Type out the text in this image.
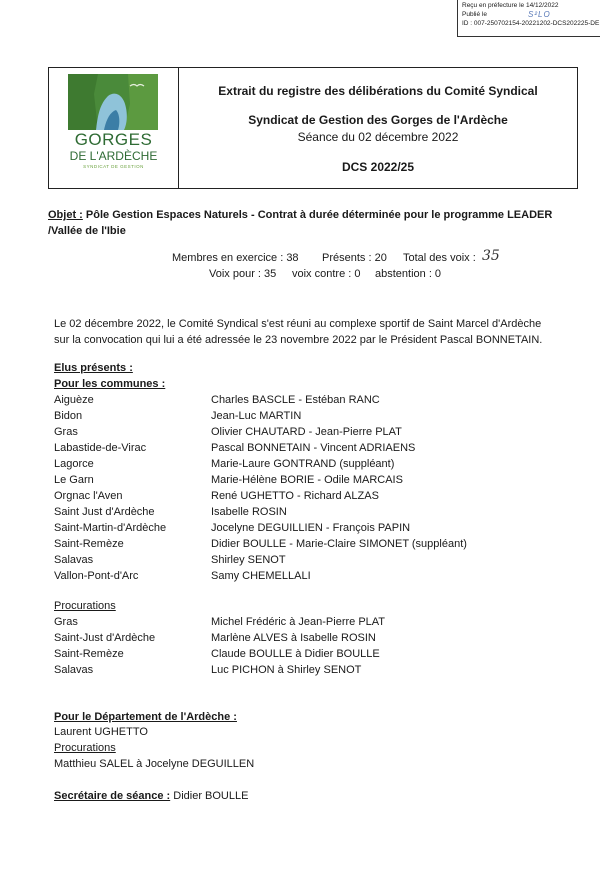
Reçu en préfecture le 14/12/2022
Publié le
ID : 007-250702154-20221202-DCS202225-DE
S²LO
GORGES
DE L'ARDÈCHE
SYNDICAT DE GESTION
Extrait du registre des délibérations du Comité Syndical
Syndicat de Gestion des Gorges de l'Ardèche
Séance du 02 décembre 2022
DCS 2022/25
Objet : Pôle Gestion Espaces Naturels - Contrat à durée déterminée pour le programme LEADER
/Vallée de l'Ibie
Membres en exercice : 38 Présents : 20 Total des voix : 35
Voix pour : 35 voix contre : 0 abstention : 0
Le 02 décembre 2022, le Comité Syndical s'est réuni au complexe sportif de Saint Marcel d'Ardèche
sur la convocation qui lui a été adressée le 23 novembre 2022 par le Président Pascal BONNETAIN.
Elus présents :
Pour les communes :
Aiguèze	Charles BASCLE - Estéban RANC
Bidon	Jean-Luc MARTIN
Gras	Olivier CHAUTARD - Jean-Pierre PLAT
Labastide-de-Virac	Pascal BONNETAIN - Vincent ADRIAENS
Lagorce	Marie-Laure GONTRAND (suppléant)
Le Garn	Marie-Hélène BORIE - Odile MARCAIS
Orgnac l'Aven	René UGHETTO - Richard ALZAS
Saint Just d'Ardèche	Isabelle ROSIN
Saint-Martin-d'Ardèche	Jocelyne DEGUILLIEN - François PAPIN
Saint-Remèze	Didier BOULLE - Marie-Claire SIMONET (suppléant)
Salavas	Shirley SENOT
Vallon-Pont-d'Arc	Samy CHEMELLALI
Procurations
Gras	Michel Frédéric à Jean-Pierre PLAT
Saint-Just d'Ardèche	Marlène ALVES à Isabelle ROSIN
Saint-Remèze	Claude BOULLE à Didier BOULLE
Salavas	Luc PICHON à Shirley SENOT
Pour le Département de l'Ardèche :
Laurent UGHETTO
Procurations
Matthieu SALEL à Jocelyne DEGUILLEN
Secrétaire de séance : Didier BOULLE
